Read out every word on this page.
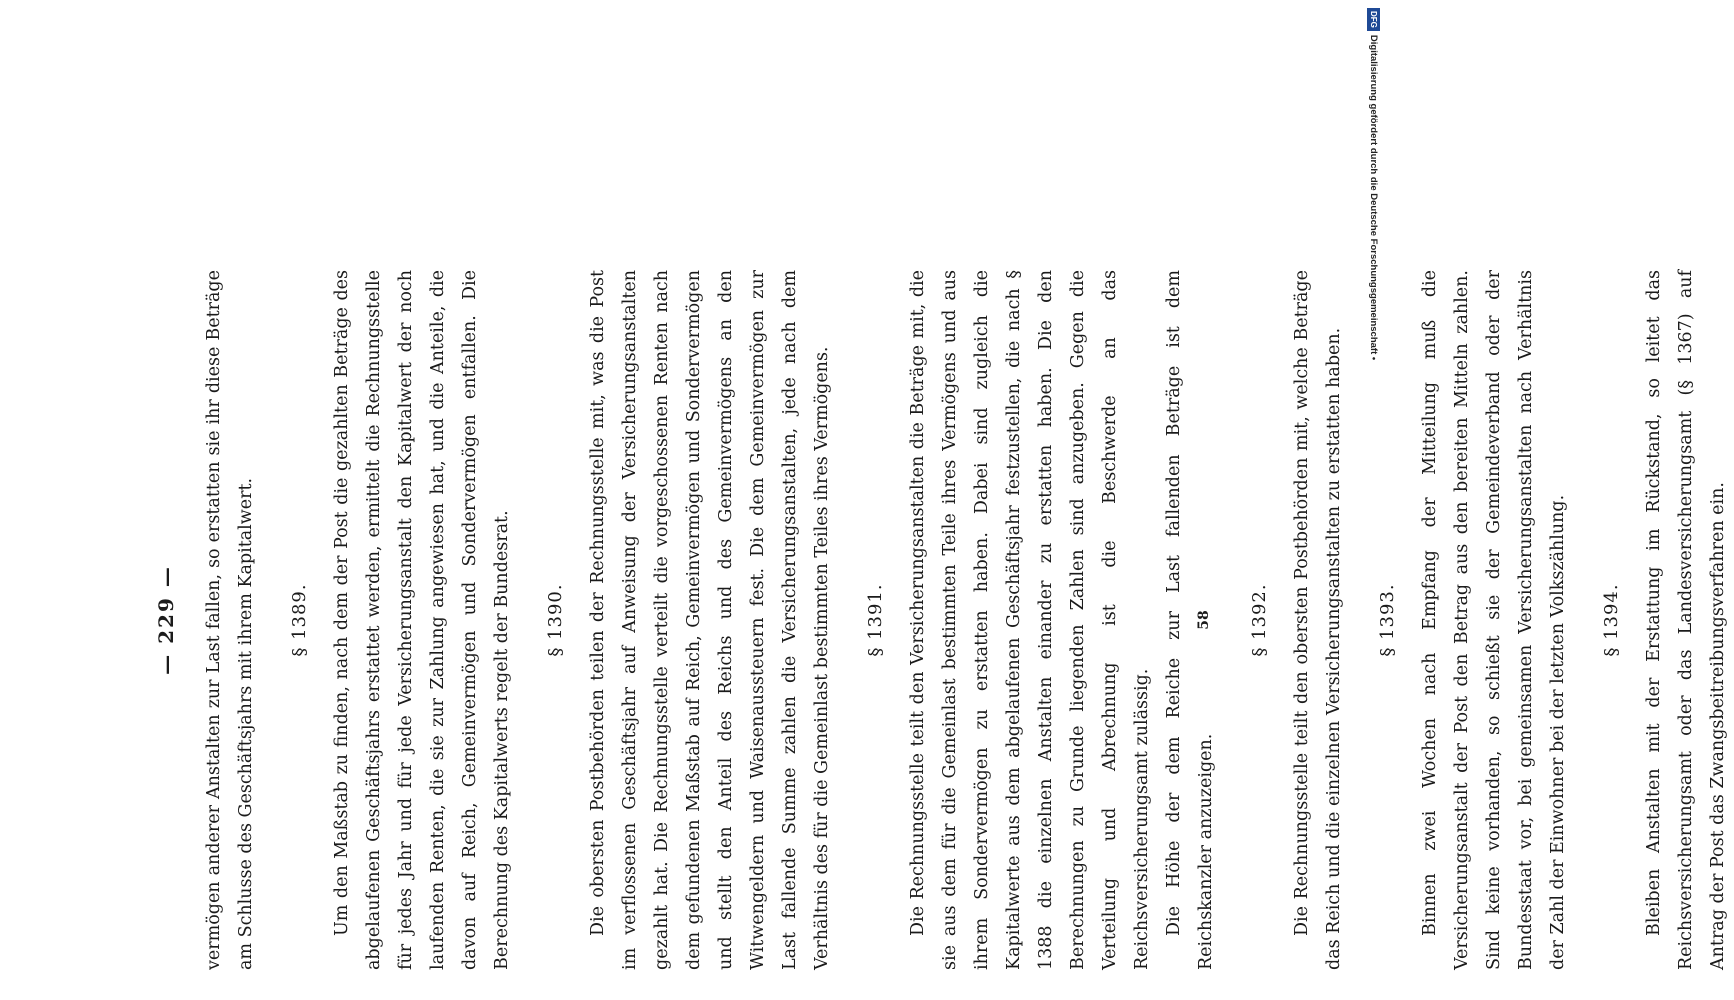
— 229 —	vermögen anderer Anstalten zur Last fallen, so erstatten sie ihr diese Beträge am Schlusse des Geschäftsjahrs mit ihrem Kapitalwert.	§ 1389.	Um den Maßstab zu finden, nach dem der Post die gezahlten Beträge des abgelaufenen Geschäftsjahrs erstattet werden, ermittelt die Rechnungsstelle für jedes Jahr und für jede Versicherungsanstalt den Kapitalwert der noch laufenden Renten, die sie zur Zahlung angewiesen hat, und die Anteile, die davon auf Reich, Gemeinvermögen und Sondervermögen entfallen. Die Berechnung des Kapitalwerts regelt der Bundesrat.	§ 1390.	Die obersten Postbehörden teilen der Rechnungsstelle mit, was die Post im verflossenen Geschäftsjahr auf Anweisung der Versicherungsanstalten gezahlt hat. Die Rechnungsstelle verteilt die vorgeschossenen Renten nach dem gefundenen Maßstab auf Reich, Gemeinvermögen und Sondervermögen und stellt den Anteil des Reichs und des Gemeinvermögens an den Witwengeldern und Waisenaussteuern fest. Die dem Gemeinvermögen zur Last fallende Summe zahlen die Versicherungsanstalten, jede nach dem Verhältnis des für die Gemeinlast bestimmten Teiles ihres Vermögens.	§ 1391.	Die Rechnungsstelle teilt den Versicherungsanstalten die Beträge mit, die sie aus dem für die Gemeinlast bestimmten Teile ihres Vermögens und aus ihrem Sondervermögen zu erstatten haben. Dabei sind zugleich die Kapitalwerte aus dem abgelaufenen Geschäftsjahr festzustellen, die nach § 1388 die einzelnen Anstalten einander zu erstatten haben. Die den Berechnungen zu Grunde liegenden Zahlen sind anzugeben. Gegen die Verteilung und Abrechnung ist die Beschwerde an das Reichsversicherungsamt zulässig. Die Höhe der dem Reiche zur Last fallenden Beträge ist dem Reichskanzler anzuzeigen.

§ 1392.	Die Rechnungsstelle teilt den obersten Postbehörden mit, welche Beträge das Reich und die einzelnen Versicherungsanstalten zu erstatten haben.	§ 1393.	Binnen zwei Wochen nach Empfang der Mitteilung muß die Versicherungsanstalt der Post den Betrag aus den bereiten Mitteln zahlen. Sind keine vorhanden, so schießt sie der Gemeindeverband oder der Bundesstaat vor, bei gemeinsamen Versicherungsanstalten nach Verhältnis der Zahl der Einwohner bei der letzten Volkszählung.	§ 1394.	Bleiben Anstalten mit der Erstattung im Rückstand, so leitet das Reichsversicherungsamt oder das Landesversicherungsamt (§ 1367) auf Antrag der Post das Zwangsbeitreibungsverfahren ein.

58
DFG
Digitalisierung gefördert durch die Deutsche Forschungsgemeinschaft •
